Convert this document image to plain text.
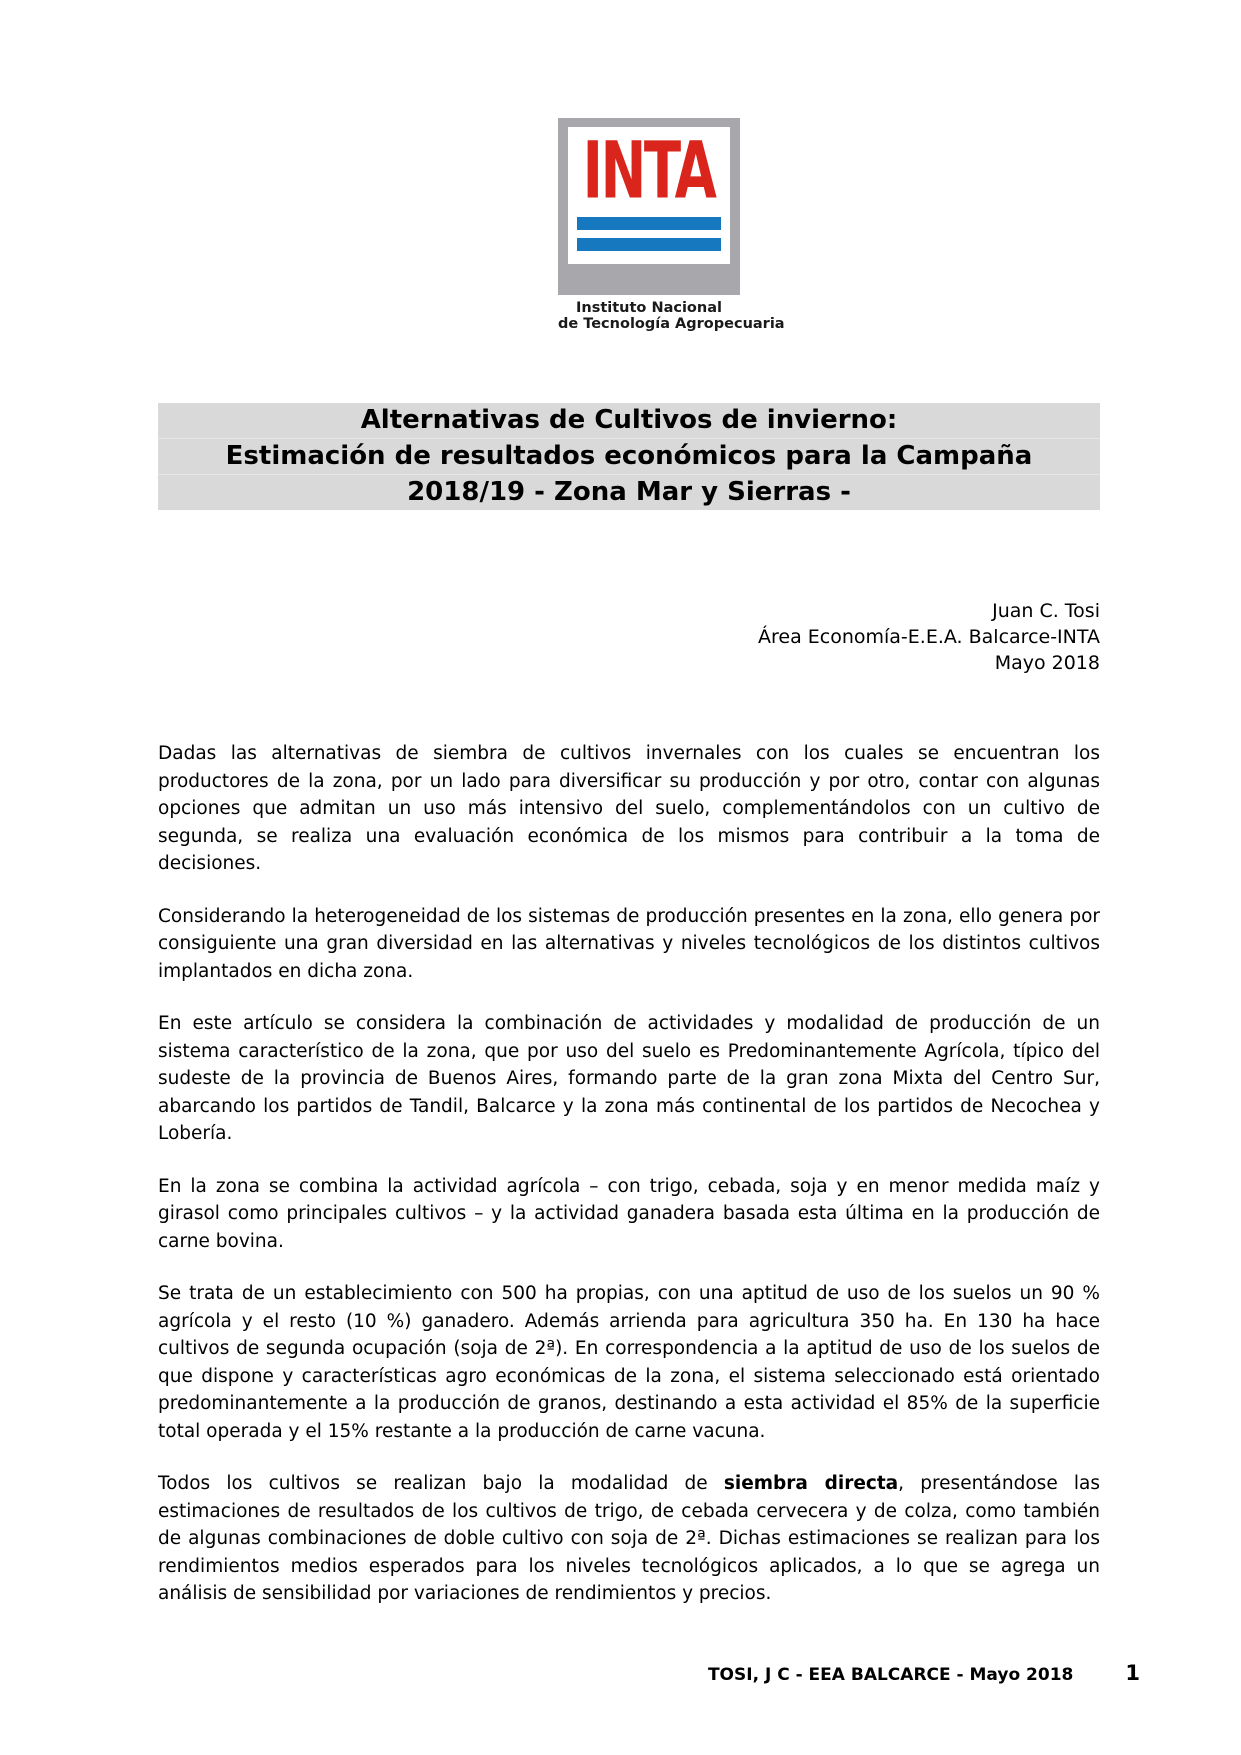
INTA
Instituto Nacional
de Tecnología Agropecuaria
Alternativas de Cultivos de invierno:
Estimación de resultados económicos para la Campaña
2018/19 - Zona Mar y Sierras -
Juan C. Tosi
Área Economía-E.E.A. Balcarce-INTA
Mayo 2018

Dadas las alternativas de siembra de cultivos invernales con los cuales se encuentran los productores de la zona, por un lado para diversificar su producción y por otro, contar con algunas opciones que admitan un uso más intensivo del suelo, complementándolos con un cultivo de segunda, se realiza una evaluación económica de los mismos para contribuir a la toma de decisiones.

Considerando la heterogeneidad de los sistemas de producción presentes en la zona, ello genera por consiguiente una gran diversidad en las alternativas y niveles tecnológicos de los distintos cultivos implantados en dicha zona.

En este artículo se considera la combinación de actividades y modalidad de producción de un sistema característico de la zona, que por uso del suelo es Predominantemente Agrícola, típico del sudeste de la provincia de Buenos Aires, formando parte de la gran zona Mixta del Centro Sur, abarcando los partidos de Tandil, Balcarce y la zona más continental de los partidos de Necochea y Lobería.

En la zona se combina la actividad agrícola – con trigo, cebada, soja y en menor medida maíz y girasol como principales cultivos – y la actividad ganadera basada esta última en la producción de carne bovina.

Se trata de un establecimiento con 500 ha propias, con una aptitud de uso de los suelos un 90 % agrícola y el resto (10 %) ganadero. Además arrienda para agricultura 350 ha. En 130 ha hace cultivos de segunda ocupación (soja de 2ª). En correspondencia a la aptitud de uso de los suelos de que dispone y características agro económicas de la zona, el sistema seleccionado está orientado predominantemente a la producción de granos, destinando a esta actividad el 85% de la superficie total operada y el 15% restante a la producción de carne vacuna.

Todos los cultivos se realizan bajo la modalidad de siembra directa, presentándose las estimaciones de resultados de los cultivos de trigo, de cebada cervecera y de colza, como también de algunas combinaciones de doble cultivo con soja de 2ª. Dichas estimaciones se realizan para los rendimientos medios esperados para los niveles tecnológicos aplicados, a lo que se agrega un análisis de sensibilidad por variaciones de rendimientos y precios.

TOSI, J C - EEA BALCARCE - Mayo 2018 1
